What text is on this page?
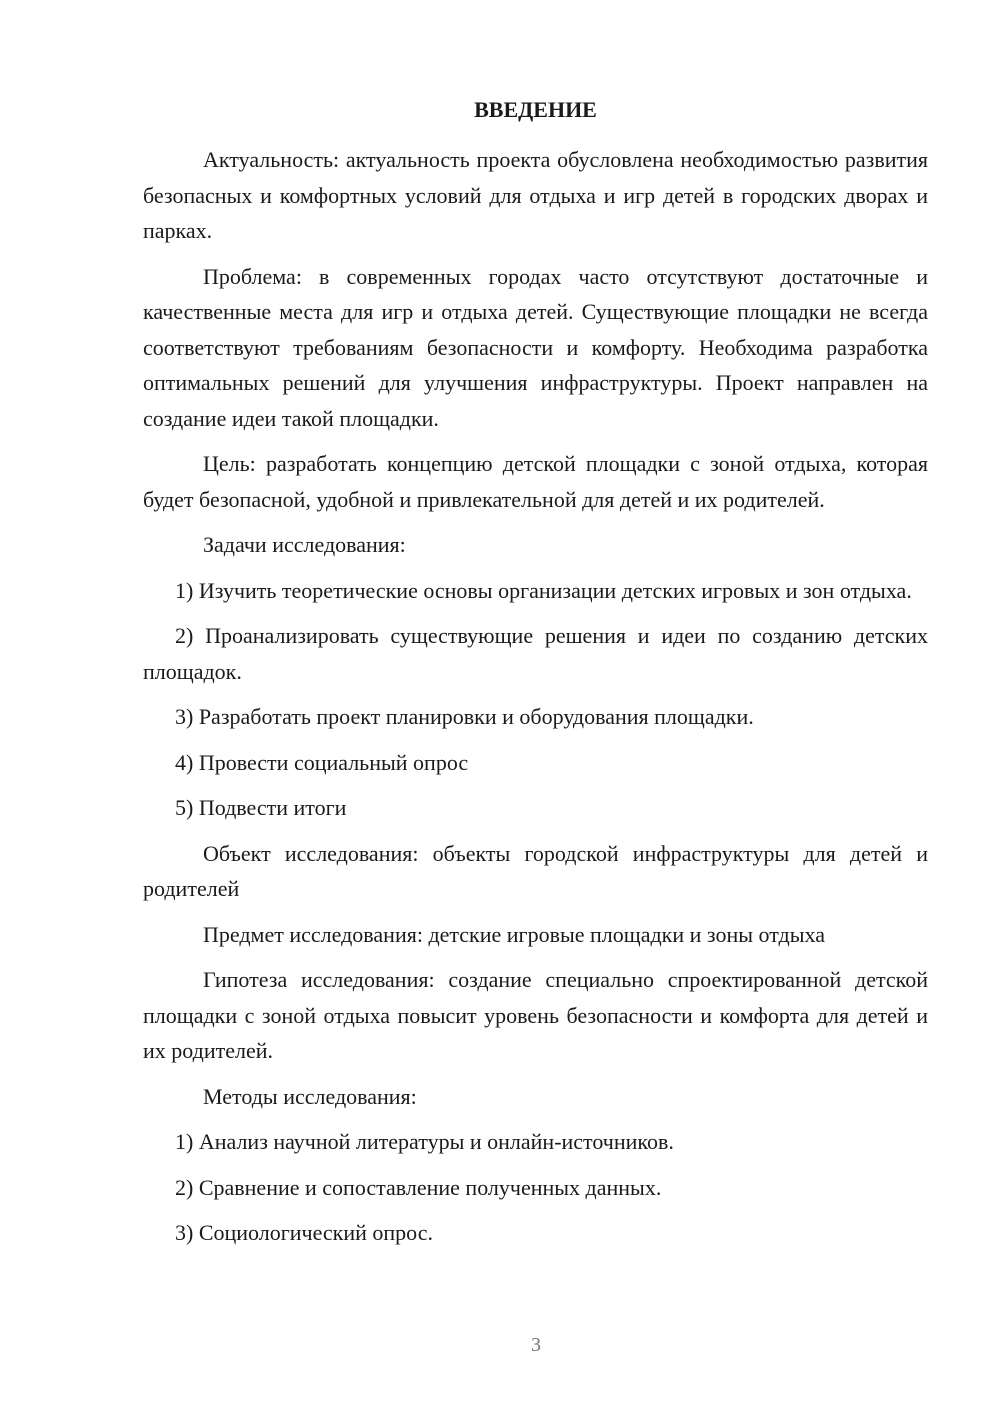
ВВЕДЕНИЕ

Актуальность: актуальность проекта обусловлена необходимостью развития безопасных и комфортных условий для отдыха и игр детей в городских дворах и парках.

Проблема: в современных городах часто отсутствуют достаточные и качественные места для игр и отдыха детей. Существующие площадки не всегда соответствуют требованиям безопасности и комфорту. Необходима разработка оптимальных решений для улучшения инфраструктуры. Проект направлен на создание идеи такой площадки.

Цель: разработать концепцию детской площадки с зоной отдыха, которая будет безопасной, удобной и привлекательной для детей и их родителей.

Задачи исследования:

1) Изучить теоретические основы организации детских игровых и зон отдыха.

2) Проанализировать существующие решения и идеи по созданию детских площадок.

3) Разработать проект планировки и оборудования площадки.

4) Провести социальный опрос

5) Подвести итоги

Объект исследования: объекты городской инфраструктуры для детей и родителей

Предмет исследования: детские игровые площадки и зоны отдыха

Гипотеза исследования: создание специально спроектированной детской площадки с зоной отдыха повысит уровень безопасности и комфорта для детей и их родителей.

Методы исследования:

1) Анализ научной литературы и онлайн-источников.

2) Сравнение и сопоставление полученных данных.

3) Социологический опрос.

3
